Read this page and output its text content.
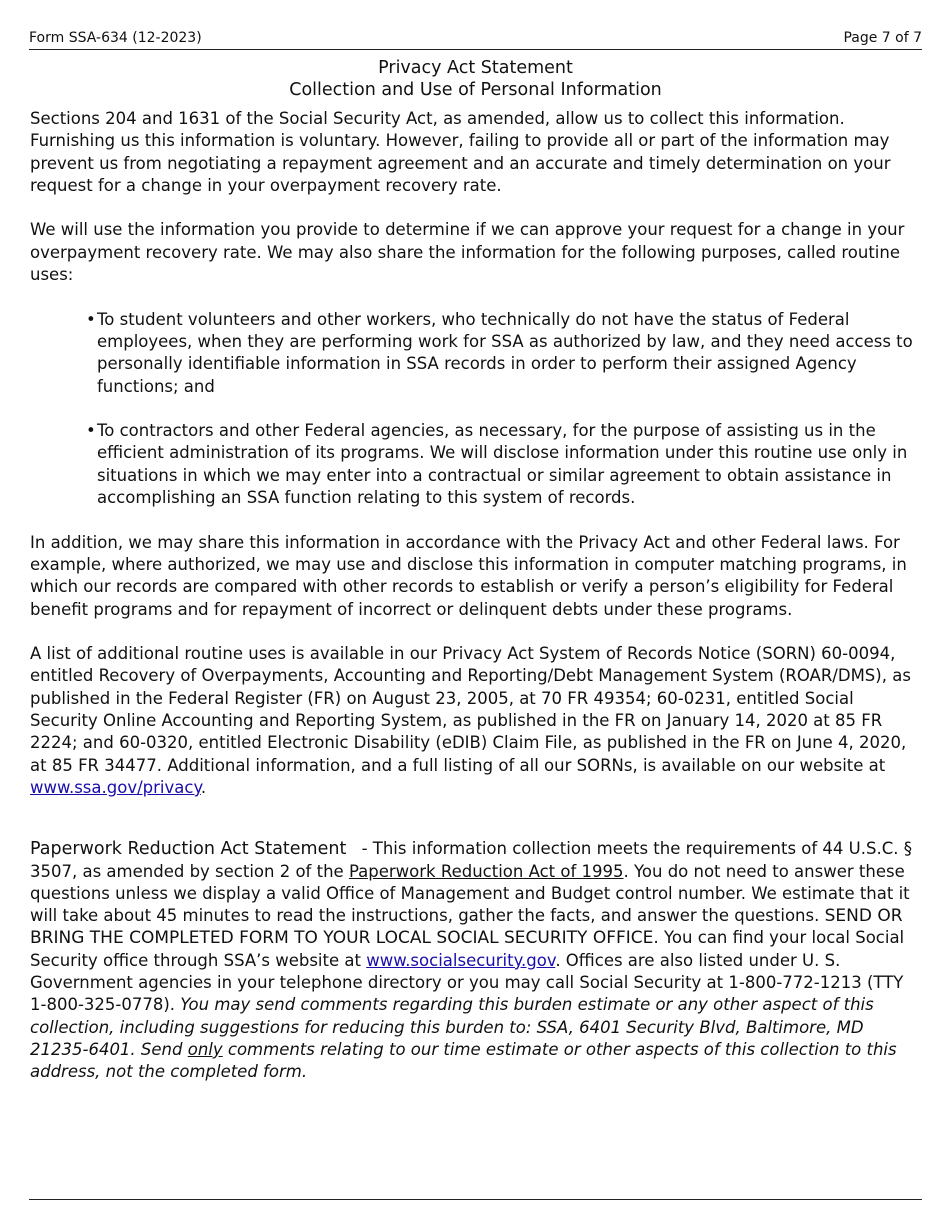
Form SSA-634 (12-2023)	Page 7 of 7
Privacy Act Statement
Collection and Use of Personal Information

Sections 204 and 1631 of the Social Security Act, as amended, allow us to collect this information. Furnishing us this information is voluntary. However, failing to provide all or part of the information may prevent us from negotiating a repayment agreement and an accurate and timely determination on your request for a change in your overpayment recovery rate.

We will use the information you provide to determine if we can approve your request for a change in your overpayment recovery rate. We may also share the information for the following purposes, called routine uses:

• To student volunteers and other workers, who technically do not have the status of Federal employees, when they are performing work for SSA as authorized by law, and they need access to personally identifiable information in SSA records in order to perform their assigned Agency functions; and
• To contractors and other Federal agencies, as necessary, for the purpose of assisting us in the efficient administration of its programs. We will disclose information under this routine use only in situations in which we may enter into a contractual or similar agreement to obtain assistance in accomplishing an SSA function relating to this system of records.

In addition, we may share this information in accordance with the Privacy Act and other Federal laws. For example, where authorized, we may use and disclose this information in computer matching programs, in which our records are compared with other records to establish or verify a person’s eligibility for Federal benefit programs and for repayment of incorrect or delinquent debts under these programs.

A list of additional routine uses is available in our Privacy Act System of Records Notice (SORN) 60-0094, entitled Recovery of Overpayments, Accounting and Reporting/Debt Management System (ROAR/DMS), as published in the Federal Register (FR) on August 23, 2005, at 70 FR 49354; 60-0231, entitled Social Security Online Accounting and Reporting System, as published in the FR on January 14, 2020 at 85 FR 2224; and 60-0320, entitled Electronic Disability (eDIB) Claim File, as published in the FR on June 4, 2020, at 85 FR 34477. Additional information, and a full listing of all our SORNs, is available on our website at www.ssa.gov/privacy.

Paperwork Reduction Act Statement - This information collection meets the requirements of 44 U.S.C. § 3507, as amended by section 2 of the Paperwork Reduction Act of 1995. You do not need to answer these questions unless we display a valid Office of Management and Budget control number. We estimate that it will take about 45 minutes to read the instructions, gather the facts, and answer the questions. SEND OR BRING THE COMPLETED FORM TO YOUR LOCAL SOCIAL SECURITY OFFICE. You can find your local Social Security office through SSA’s website at www.socialsecurity.gov. Offices are also listed under U. S. Government agencies in your telephone directory or you may call Social Security at 1-800-772-1213 (TTY 1-800-325-0778). You may send comments regarding this burden estimate or any other aspect of this collection, including suggestions for reducing this burden to: SSA, 6401 Security Blvd, Baltimore, MD 21235-6401. Send only comments relating to our time estimate or other aspects of this collection to this address, not the completed form.
